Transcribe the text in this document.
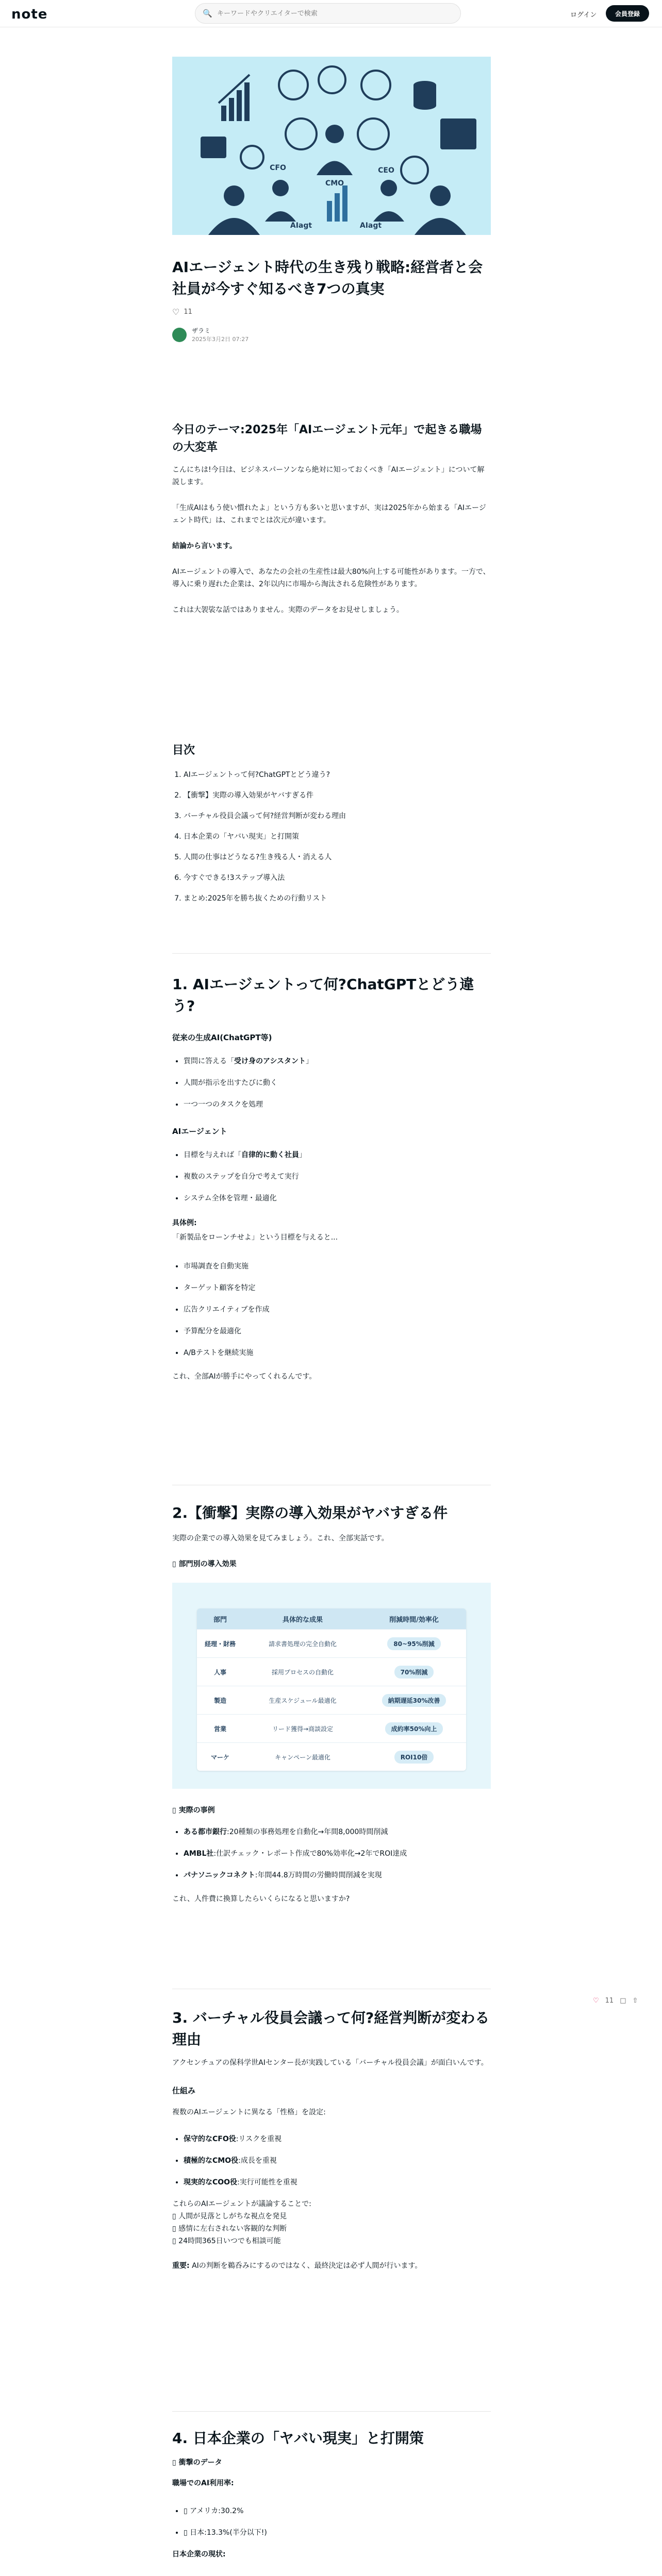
note	🔍
キーワードやクリエイターで検索	ログイン	会員登録
CFO
CMO
CEO
AIagt	AIagt
AIエージェント時代の生き残り戦略:経営者と会社員が今すぐ知るべき7つの真実
♡ 11
ザラミ
2025年3月2日 07:27
今日のテーマ:2025年「AIエージェント元年」で起きる職場の大変革

こんにちは!今日は、ビジネスパーソンなら絶対に知っておくべき「AIエージェント」について解説します。

「生成AIはもう使い慣れたよ」という方も多いと思いますが、実は2025年から始まる「AIエージェント時代」は、これまでとは次元が違います。

結論から言います。

AIエージェントの導入で、あなたの会社の生産性は最大80%向上する可能性があります。一方で、導入に乗り遅れた企業は、2年以内に市場から淘汰される危険性があります。

これは大袈裟な話ではありません。実際のデータをお見せしましょう。

目次
1. AIエージェントって何?ChatGPTとどう違う?
2. 【衝撃】実際の導入効果がヤバすぎる件
3. バーチャル役員会議って何?経営判断が変わる理由
4. 日本企業の「ヤバい現実」と打開策
5. 人間の仕事はどうなる?生き残る人・消える人
6. 今すぐできる!3ステップ導入法
7. まとめ:2025年を勝ち抜くための行動リスト
1. AIエージェントって何?ChatGPTとどう違う?

従来の生成AI(ChatGPT等)

• 質問に答える「受け身のアシスタント」
• 人間が指示を出すたびに動く
• 一つ一つのタスクを処理

AIエージェント

• 目標を与えれば「自律的に動く社員」
• 複数のステップを自分で考えて実行
• システム全体を管理・最適化

具体例:

「新製品をローンチせよ」という目標を与えると...

• 市場調査を自動実施
• ターゲット顧客を特定
• 広告クリエイティブを作成
• 予算配分を最適化
• A/Bテストを継続実施

これ、全部AIが勝手にやってくれるんです。

2.【衝撃】実際の導入効果がヤバすぎる件

実際の企業での導入効果を見てみましょう。これ、全部実話です。

▯ 部門別の導入効果

部門	具体的な成果	削減時間/効率化
経理・財務	請求書処理の完全自動化	80~95%削減
人事	採用プロセスの自動化	70%削減
製造	生産スケジュール最適化	納期遅延30%改善
営業	リード獲得→商談設定	成約率50%向上
マーケ	キャンペーン最適化	ROI10倍

▯ 実際の事例

• ある都市銀行:20種類の事務処理を自動化→年間8,000時間削減
• AMBL社:仕訳チェック・レポート作成で80%効率化→2年でROI達成
• パナソニックコネクト:年間44.8万時間の労働時間削減を実現

これ、人件費に換算したらいくらになると思いますか?

♡ 11 □ ⇧
3. バーチャル役員会議って何?経営判断が変わる理由

アクセンチュアの保科学世AIセンター長が実践している「バーチャル役員会議」が面白いんです。

仕組み

複数のAIエージェントに異なる「性格」を設定:

• 保守的なCFO役:リスクを重視
• 積極的なCMO役:成長を重視
• 現実的なCOO役:実行可能性を重視

これらのAIエージェントが議論することで:

▯ 人間が見落としがちな視点を発見

▯ 感情に左右されない客観的な判断

▯ 24時間365日いつでも相談可能

重要: AIの判断を鵜呑みにするのではなく、最終決定は必ず人間が行います。

4. 日本企業の「ヤバい現実」と打開策

▯ 衝撃のデータ

職場でのAI利用率:

• ▯ アメリカ:30.2%
• ▯ 日本:13.3%(半分以下!)

日本企業の現状:
